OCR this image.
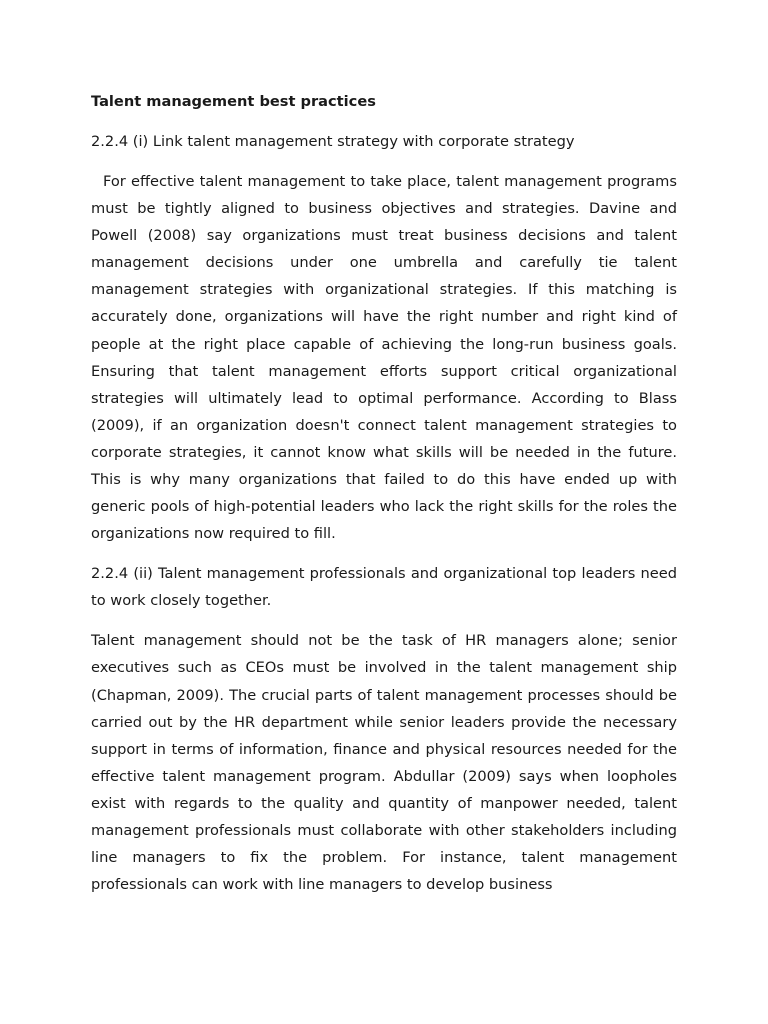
Talent management best practices
2.2.4 (i) Link talent management strategy with corporate strategy

For effective talent management to take place, talent management programs must be tightly aligned to business objectives and strategies. Davine and Powell (2008) say organizations must treat business decisions and talent management decisions under one umbrella and carefully tie talent management strategies with organizational strategies. If this matching is accurately done, organizations will have the right number and right kind of people at the right place capable of achieving the long-run business goals. Ensuring that talent management efforts support critical organizational strategies will ultimately lead to optimal performance. According to Blass (2009), if an organization doesn't connect talent management strategies to corporate strategies, it cannot know what skills will be needed in the future. This is why many organizations that failed to do this have ended up with generic pools of high-potential leaders who lack the right skills for the roles the organizations now required to fill.

2.2.4 (ii) Talent management professionals and organizational top leaders need to work closely together.

Talent management should not be the task of HR managers alone; senior executives such as CEOs must be involved in the talent management ship (Chapman, 2009). The crucial parts of talent management processes should be carried out by the HR department while senior leaders provide the necessary support in terms of information, finance and physical resources needed for the effective talent management program. Abdullar (2009) says when loopholes exist with regards to the quality and quantity of manpower needed, talent management professionals must collaborate with other stakeholders including line managers to fix the problem. For instance, talent management professionals can work with line managers to develop business
